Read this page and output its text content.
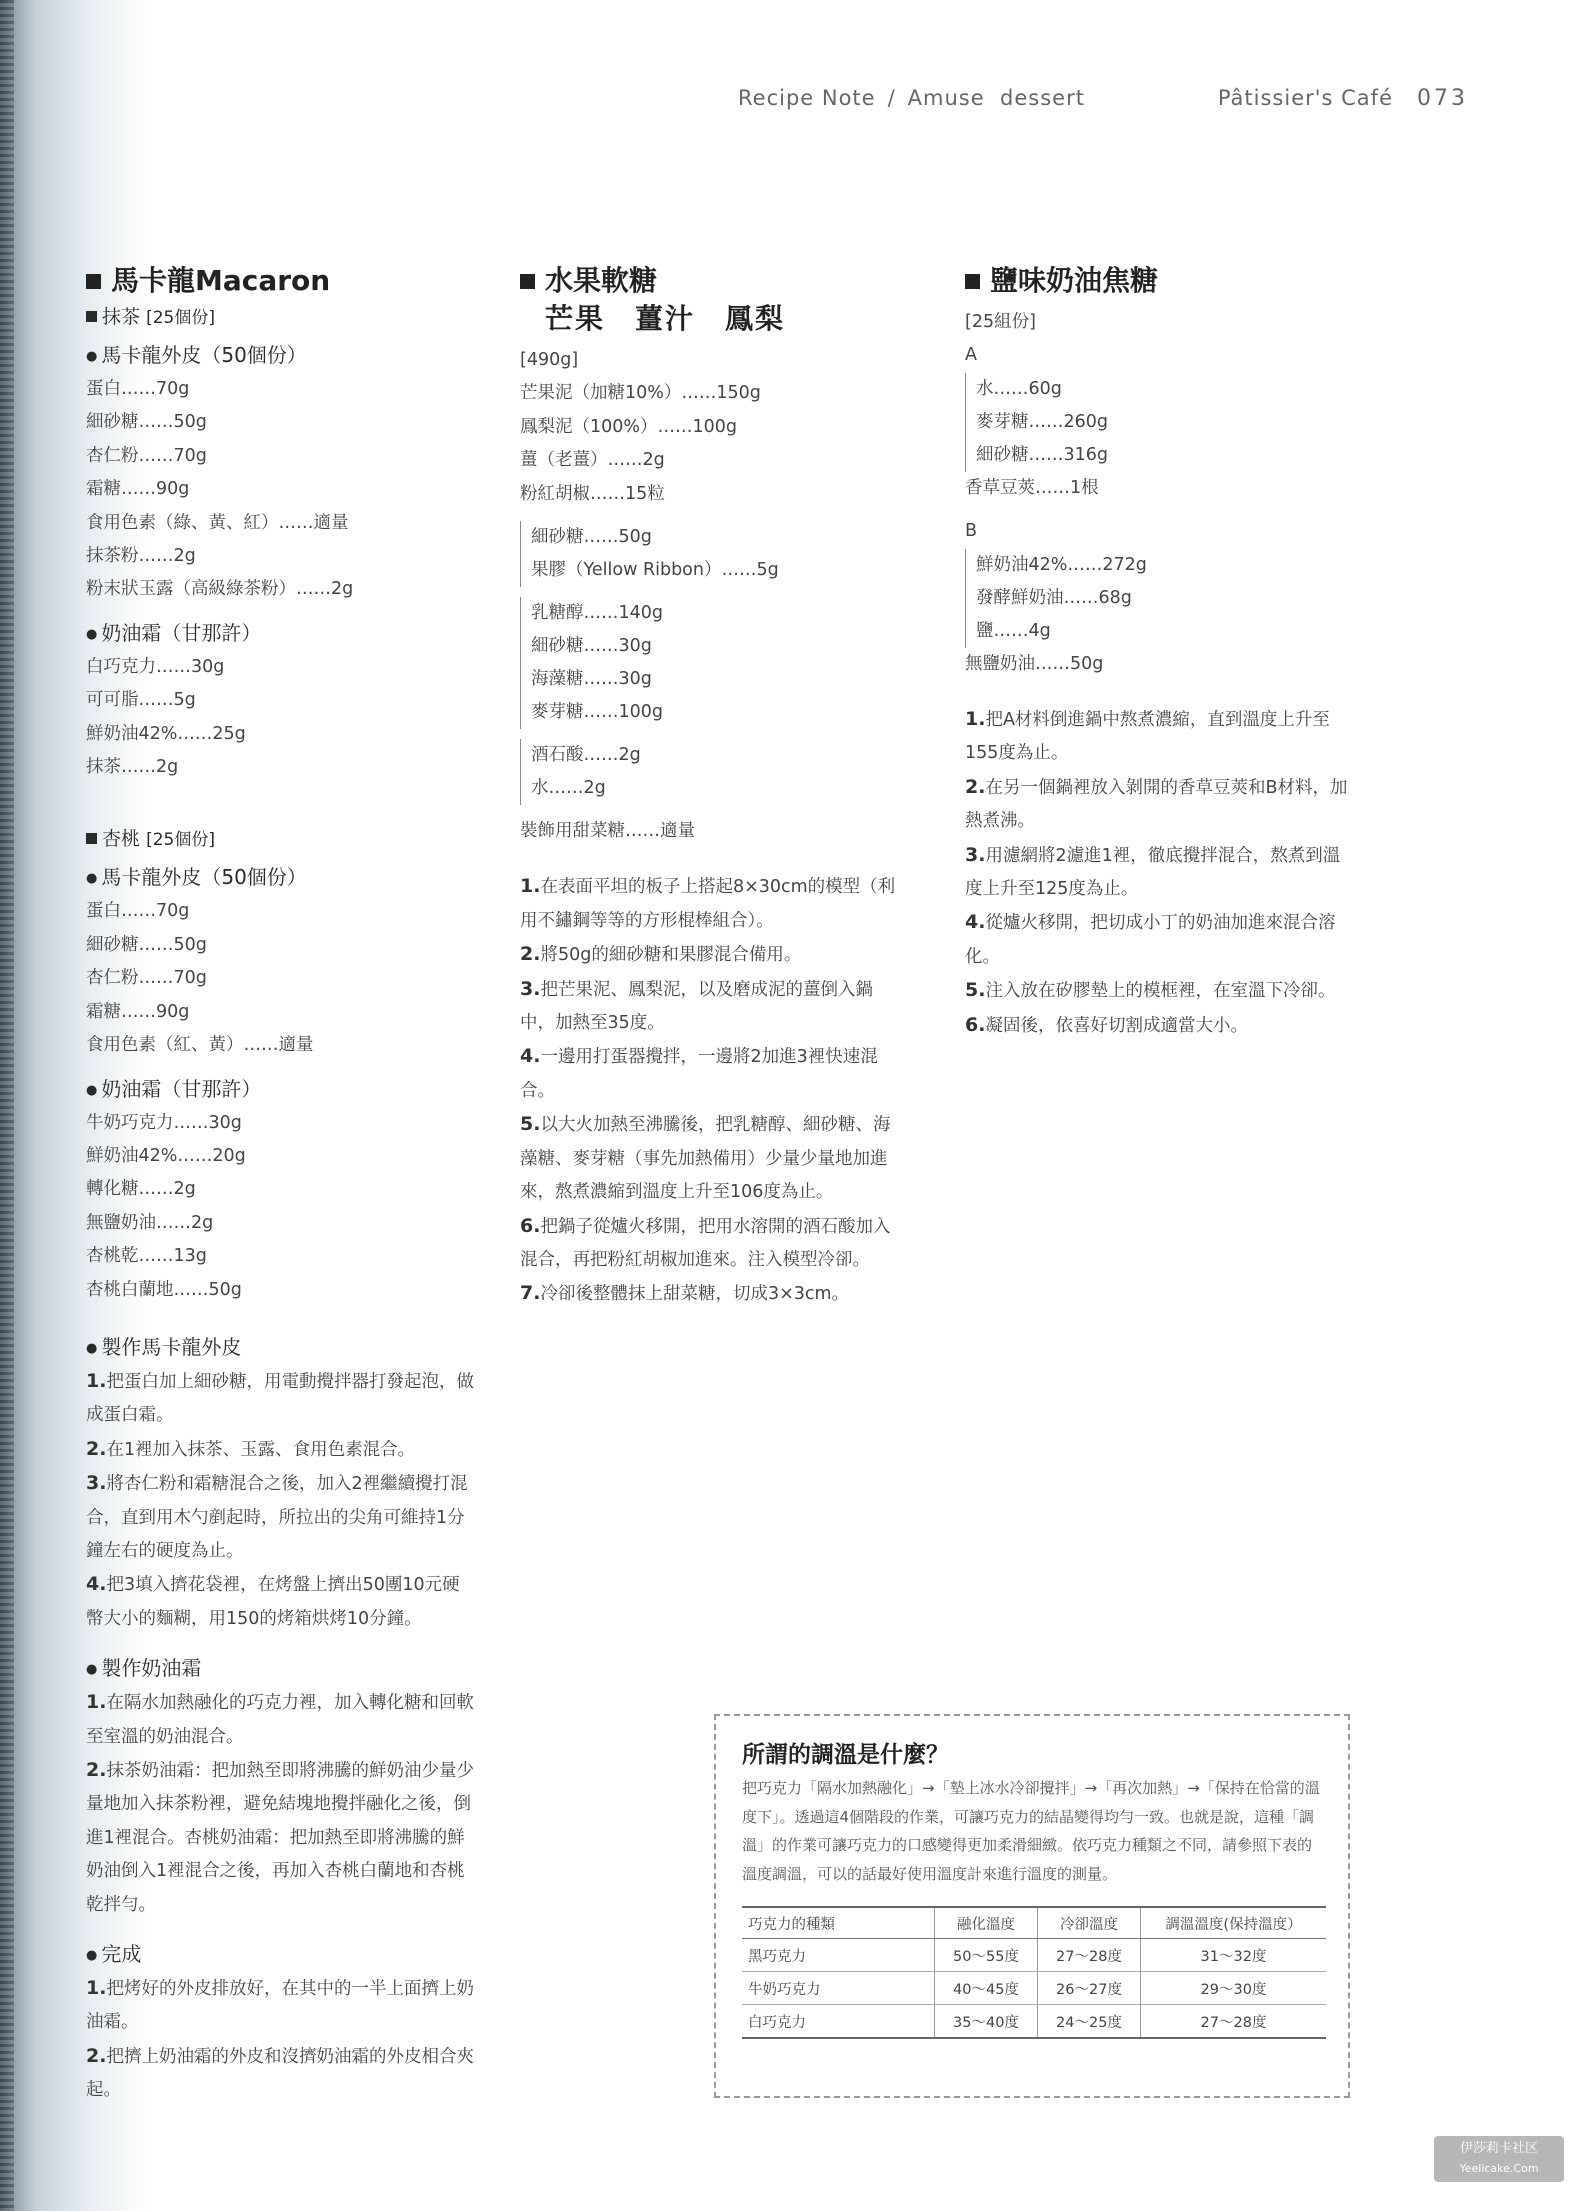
Recipe Note / Amuse  dessert	Pâtissier's Café 073
馬卡龍Macaron
抹茶 [25個份]
● 馬卡龍外皮（50個份）
蛋白……70g
細砂糖……50g
杏仁粉……70g
霜糖……90g
食用色素（綠、黃、紅）……適量
抹茶粉……2g
粉末狀玉露（高級綠茶粉）……2g
● 奶油霜（甘那許）
白巧克力……30g
可可脂……5g
鮮奶油42%……25g
抹茶……2g
杏桃 [25個份]
● 馬卡龍外皮（50個份）
蛋白……70g
細砂糖……50g
杏仁粉……70g
霜糖……90g
食用色素（紅、黃）……適量
● 奶油霜（甘那許）
牛奶巧克力……30g
鮮奶油42%……20g
轉化糖……2g
無鹽奶油……2g
杏桃乾……13g
杏桃白蘭地……50g
● 製作馬卡龍外皮
1.把蛋白加上細砂糖，用電動攪拌器打發起泡，做成蛋白霜。
2.在1裡加入抹茶、玉露、食用色素混合。
3.將杏仁粉和霜糖混合之後，加入2裡繼續攪打混合，直到用木勺剷起時，所拉出的尖角可維持1分鐘左右的硬度為止。
4.把3填入擠花袋裡，在烤盤上擠出50團10元硬幣大小的麵糊，用150的烤箱烘烤10分鐘。
● 製作奶油霜
1.在隔水加熱融化的巧克力裡，加入轉化糖和回軟至室溫的奶油混合。
2.抹茶奶油霜：把加熱至即將沸騰的鮮奶油少量少量地加入抹茶粉裡，避免結塊地攪拌融化之後，倒進1裡混合。杏桃奶油霜：把加熱至即將沸騰的鮮奶油倒入1裡混合之後，再加入杏桃白蘭地和杏桃乾拌勻。
● 完成
1.把烤好的外皮排放好，在其中的一半上面擠上奶油霜。
2.把擠上奶油霜的外皮和沒擠奶油霜的外皮相合夾起。
水果軟糖
芒果　薑汁　鳳梨
[490g]
芒果泥（加糖10%）……150g
鳳梨泥（100%）……100g
薑（老薑）……2g
粉紅胡椒……15粒
細砂糖……50g
果膠（Yellow Ribbon）……5g
乳糖醇……140g
細砂糖……30g
海藻糖……30g
麥芽糖……100g
酒石酸……2g
水……2g
裝飾用甜菜糖……適量
1.在表面平坦的板子上搭起8×30cm的模型（利用不鏽鋼等等的方形棍棒組合）。
2.將50g的細砂糖和果膠混合備用。
3.把芒果泥、鳳梨泥，以及磨成泥的薑倒入鍋中，加熱至35度。
4.一邊用打蛋器攪拌，一邊將2加進3裡快速混合。
5.以大火加熱至沸騰後，把乳糖醇、細砂糖、海藻糖、麥芽糖（事先加熱備用）少量少量地加進來，熬煮濃縮到溫度上升至106度為止。
6.把鍋子從爐火移開，把用水溶開的酒石酸加入混合，再把粉紅胡椒加進來。注入模型冷卻。
7.冷卻後整體抹上甜菜糖，切成3×3cm。
鹽味奶油焦糖
[25組份]
A
水……60g
麥芽糖……260g
細砂糖……316g
香草豆莢……1根
B
鮮奶油42%……272g
發酵鮮奶油……68g
鹽……4g
無鹽奶油……50g
1.把A材料倒進鍋中熬煮濃縮，直到溫度上升至155度為止。
2.在另一個鍋裡放入剝開的香草豆莢和B材料，加熱煮沸。
3.用濾網將2濾進1裡，徹底攪拌混合，熬煮到溫度上升至125度為止。
4.從爐火移開，把切成小丁的奶油加進來混合溶化。
5.注入放在矽膠墊上的模框裡，在室溫下冷卻。
6.凝固後，依喜好切割成適當大小。
所謂的調溫是什麼？
把巧克力「隔水加熱融化」→「墊上冰水冷卻攪拌」→「再次加熱」→「保持在恰當的溫度下」。透過這4個階段的作業，可讓巧克力的結晶變得均勻一致。也就是說，這種「調溫」的作業可讓巧克力的口感變得更加柔滑細緻。依巧克力種類之不同，請參照下表的溫度調溫，可以的話最好使用溫度計來進行溫度的測量。
巧克力的種類	融化溫度	冷卻溫度	調溫溫度(保持溫度）
黑巧克力	50～55度	27～28度	31～32度
牛奶巧克力	40～45度	26～27度	29～30度
白巧克力	35～40度	24～25度	27～28度
伊莎莉卡社区
Yeelicake.Com
